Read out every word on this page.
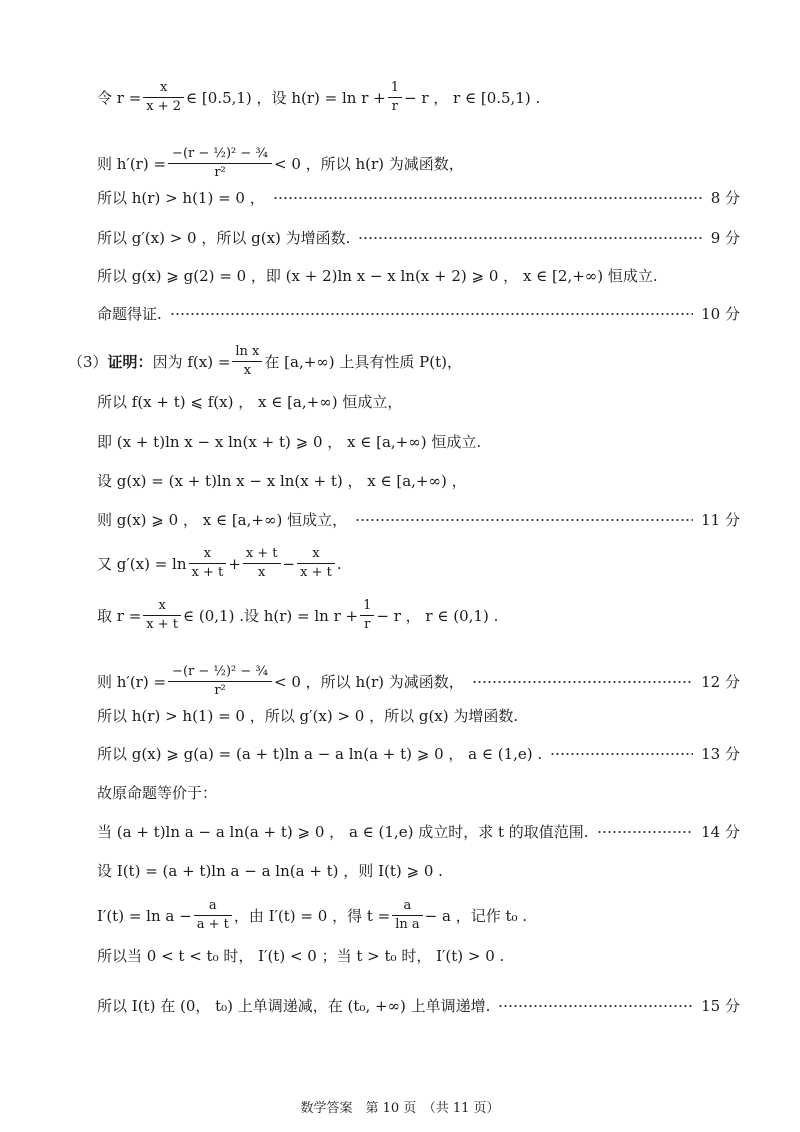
令 $r = \frac{x}{x + 2}$ ∈ [0.5,1) ，设 $h(r) = \ln r + \frac{1}{r} - r$ ， r ∈ [0.5,1) .
则 $h'(r) = \frac{\text{−(r − ½)² − ¾}}{\text{r²}} < 0$ ，所以 h(r) 为减函数，
所以 h(r) > h(1) = 0 ，	8 分
所以 g′(x) > 0 ，所以 g(x) 为增函数.	9 分
所以 g(x) ⩾ g(2) = 0 ，即 (x + 2)ln x − x ln(x + 2) ⩾ 0 ， x ∈ [2,+∞) 恒成立.
命题得证.	10 分
（3） 证明： 因为 $f(x) = \frac{\text{ln x}}{x}$ 在 [a,+∞) 上具有性质 P(t)，
所以 f(x + t) ⩽ f(x) ， x ∈ [a,+∞) 恒成立，
即 (x + t)ln x − x ln(x + t) ⩾ 0 ， x ∈ [a,+∞) 恒成立.
设 g(x) = (x + t)ln x − x ln(x + t) ， x ∈ [a,+∞) ，
则 g(x) ⩾ 0 ， x ∈ [a,+∞) 恒成立，	11 分
又 $g'(x) = \ln \frac{x}{x + t} + \frac{x + t}{x} - \frac{x}{x + t}$ .
取 $r = \frac{x}{x + t}$ ∈ (0,1) .设 $h(r) = \ln r + \frac{1}{r} - r$ ， r ∈ (0,1) .
则 $h'(r) = \frac{\text{−(r − ½)² − ¾}}{\text{r²}} < 0$ ，所以 h(r) 为减函数，	12 分
所以 h(r) > h(1) = 0 ，所以 g′(x) > 0 ，所以 g(x) 为增函数.
所以 g(x) ⩾ g(a) = (a + t)ln a − a ln(a + t) ⩾ 0 ， a ∈ (1,e) .	13 分
故原命题等价于：
当 (a + t)ln a − a ln(a + t) ⩾ 0 ， a ∈ (1,e) 成立时，求 t 的取值范围.	14 分
设 I(t) = (a + t)ln a − a ln(a + t) ，则 I(t) ⩾ 0 .
$I'(t) = \ln a - \frac{a}{a + t}$ ，由 I′(t) = 0 ，得 $t = \frac{a}{\text{ln a}} - a$ ，记作 t₀ .
所以当 0 < t < t₀ 时， I′(t) < 0 ；当 t > t₀ 时， I′(t) > 0 .
所以 I(t) 在 (0， t₀) 上单调递减，在 (t₀, +∞) 上单调递增.	15 分
数学答案　第 10 页　（共 11 页）
